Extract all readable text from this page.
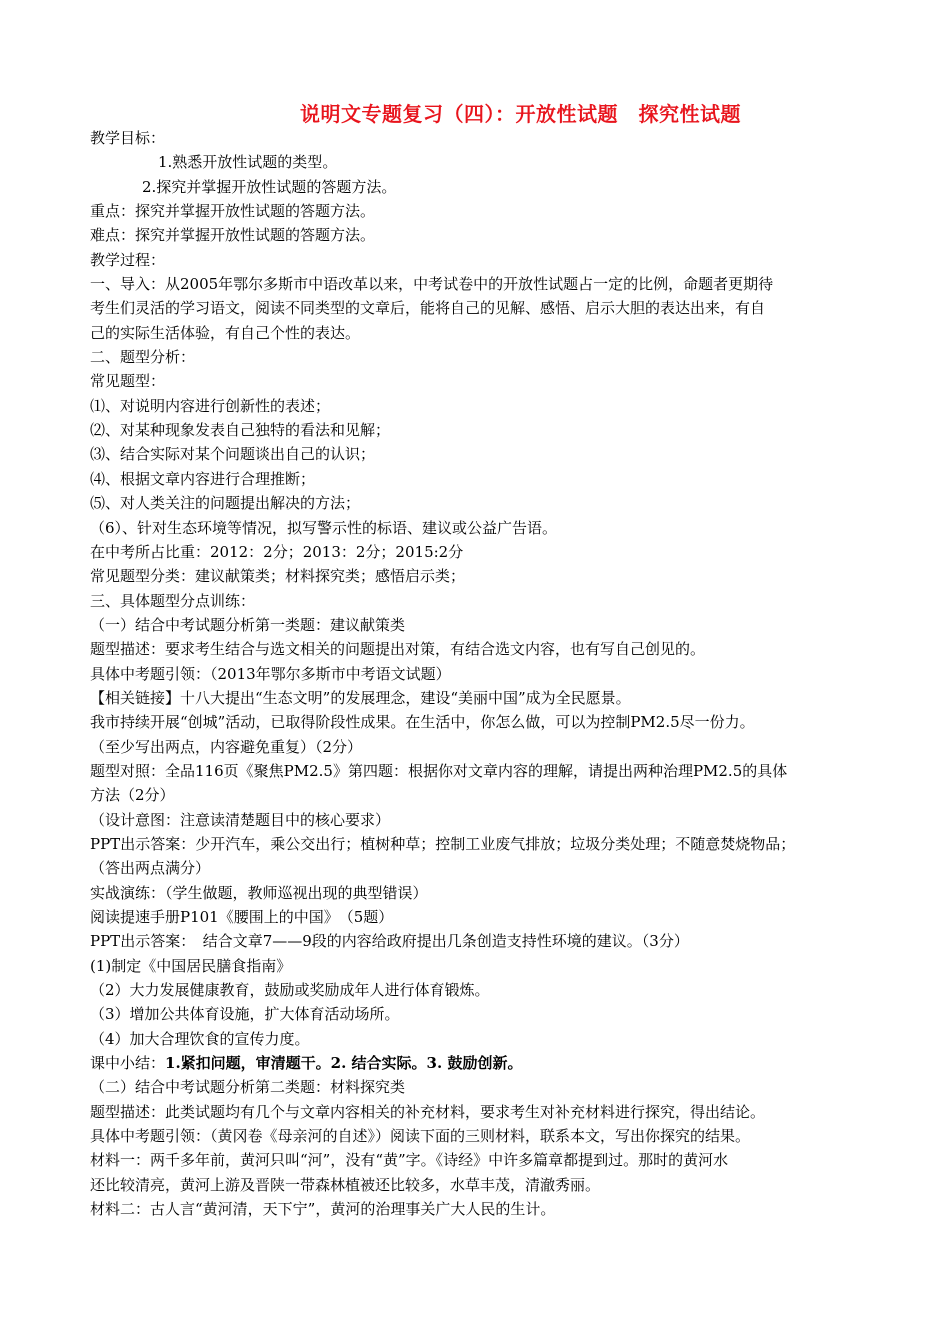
说明文专题复习（四）：开放性试题　探究性试题
教学目标：
1.熟悉开放性试题的类型。
2.探究并掌握开放性试题的答题方法。
重点：探究并掌握开放性试题的答题方法。
难点：探究并掌握开放性试题的答题方法。
教学过程：
一、导入：从2005年鄂尔多斯市中语改革以来，中考试卷中的开放性试题占一定的比例，命题者更期待
考生们灵活的学习语文，阅读不同类型的文章后，能将自己的见解、感悟、启示大胆的表达出来，有自
己的实际生活体验，有自己个性的表达。
二、题型分析：
常见题型：
⑴、对说明内容进行创新性的表述；
⑵、对某种现象发表自己独特的看法和见解；
⑶、结合实际对某个问题谈出自己的认识；
⑷、根据文章内容进行合理推断；
⑸、对人类关注的问题提出解决的方法；
（6）、针对生态环境等情况，拟写警示性的标语、建议或公益广告语。
在中考所占比重：2012：2分；2013：2分；2015:2分
常见题型分类：建议献策类；材料探究类；感悟启示类；
三、具体题型分点训练：
（一）结合中考试题分析第一类题：建议献策类
题型描述：要求考生结合与选文相关的问题提出对策，有结合选文内容，也有写自己创见的。
具体中考题引领：（2013年鄂尔多斯市中考语文试题）
【相关链接】十八大提出“生态文明”的发展理念，建设“美丽中国”成为全民愿景。
我市持续开展“创城”活动，已取得阶段性成果。在生活中，你怎么做，可以为控制PM2.5尽一份力。
（至少写出两点，内容避免重复）（2分）
题型对照：全品116页《聚焦PM2.5》第四题：根据你对文章内容的理解，请提出两种治理PM2.5的具体
方法（2分）
（设计意图：注意读清楚题目中的核心要求）
PPT出示答案：少开汽车，乘公交出行；植树种草；控制工业废气排放；垃圾分类处理；不随意焚烧物品；
（答出两点满分）
实战演练：（学生做题，教师巡视出现的典型错误）
阅读提速手册P101《腰围上的中国》　（5题）
PPT出示答案：　结合文章7——9段的内容给政府提出几条创造支持性环境的建议。（3分）
(1)制定《中国居民膳食指南》
（2）大力发展健康教育，鼓励或奖励成年人进行体育锻炼。
（3）增加公共体育设施，扩大体育活动场所。
（4）加大合理饮食的宣传力度。
课中小结：1.紧扣问题，审清题干。2. 结合实际。3. 鼓励创新。
（二）结合中考试题分析第二类题：材料探究类
题型描述：此类试题均有几个与文章内容相关的补充材料，要求考生对补充材料进行探究，得出结论。
具体中考题引领：（黄冈卷《母亲河的自述》）阅读下面的三则材料，联系本文，写出你探究的结果。
材料一：两千多年前，黄河只叫“河”，没有“黄”字。《诗经》中许多篇章都提到过。那时的黄河水
还比较清亮，黄河上游及晋陕一带森林植被还比较多，水草丰茂，清澈秀丽。
材料二：古人言“黄河清，天下宁”，黄河的治理事关广大人民的生计。
